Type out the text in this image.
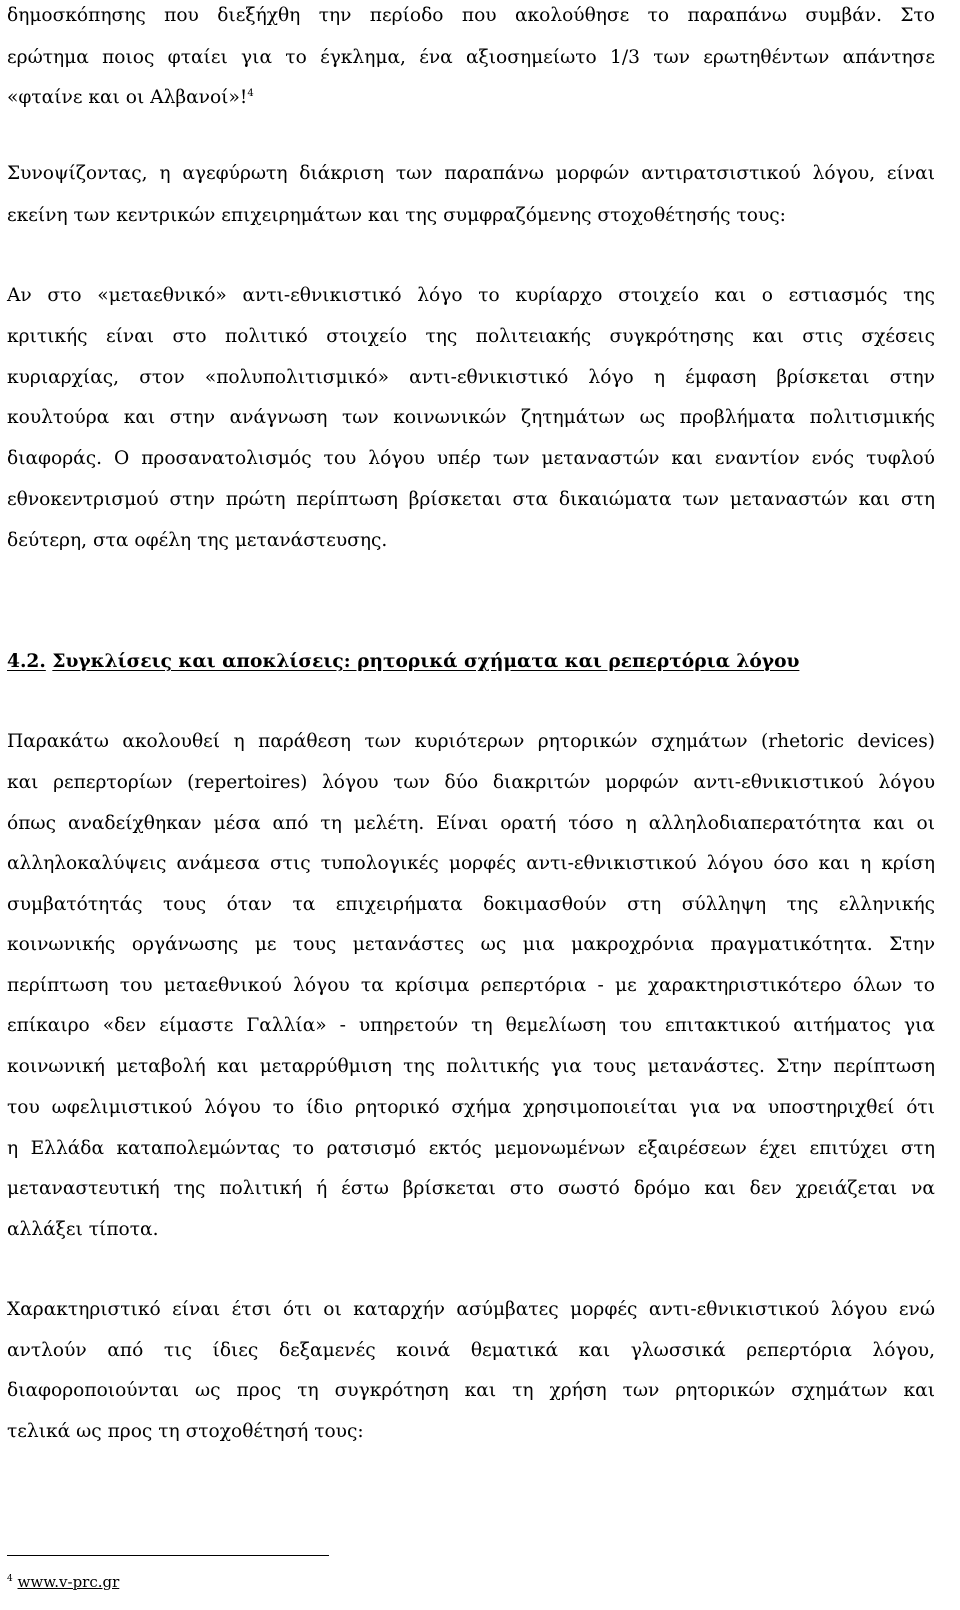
δημοσκόπησης που διεξήχθη την περίοδο που ακολούθησε το παραπάνω συμβάν. Στο
ερώτημα ποιος φταίει για το έγκλημα, ένα αξιοσημείωτο 1/3 των ερωτηθέντων απάντησε
«φταίνε και οι Αλβανοί»!$^4$
Συνοψίζοντας, η αγεφύρωτη διάκριση των παραπάνω μορφών αντιρατσιστικού λόγου, είναι
εκείνη των κεντρικών επιχειρημάτων και της συμφραζόμενης στοχοθέτησής τους:
Αν στο «μεταεθνικό» αντι-εθνικιστικό λόγο το κυρίαρχο στοιχείο και ο εστιασμός της
κριτικής είναι στο πολιτικό στοιχείο της πολιτειακής συγκρότησης και στις σχέσεις
κυριαρχίας, στον «πολυπολιτισμικό» αντι-εθνικιστικό λόγο η έμφαση βρίσκεται στην
κουλτούρα και στην ανάγνωση των κοινωνικών ζητημάτων ως προβλήματα πολιτισμικής
διαφοράς. Ο προσανατολισμός του λόγου υπέρ των μεταναστών και εναντίον ενός τυφλού
εθνοκεντρισμού στην πρώτη περίπτωση βρίσκεται στα δικαιώματα των μεταναστών και στη
δεύτερη, στα οφέλη της μετανάστευσης.
4.2. Συγκλίσεις και αποκλίσεις: ρητορικά σχήματα και ρεπερτόρια λόγου
Παρακάτω ακολουθεί η παράθεση των κυριότερων ρητορικών σχημάτων (rhetoric devices)
και ρεπερτορίων (repertoires) λόγου των δύο διακριτών μορφών αντι-εθνικιστικού λόγου
όπως αναδείχθηκαν μέσα από τη μελέτη. Είναι ορατή τόσο η αλληλοδιαπερατότητα και οι
αλληλοκαλύψεις ανάμεσα στις τυπολογικές μορφές αντι-εθνικιστικού λόγου όσο και η κρίση
συμβατότητάς τους όταν τα επιχειρήματα δοκιμασθούν στη σύλληψη της ελληνικής
κοινωνικής οργάνωσης με τους μετανάστες ως μια μακροχρόνια πραγματικότητα. Στην
περίπτωση του μεταεθνικού λόγου τα κρίσιμα ρεπερτόρια - με χαρακτηριστικότερο όλων το
επίκαιρο «δεν είμαστε Γαλλία» - υπηρετούν τη θεμελίωση του επιτακτικού αιτήματος για
κοινωνική μεταβολή και μεταρρύθμιση της πολιτικής για τους μετανάστες. Στην περίπτωση
του ωφελιμιστικού λόγου το ίδιο ρητορικό σχήμα χρησιμοποιείται για να υποστηριχθεί ότι
η Ελλάδα καταπολεμώντας το ρατσισμό εκτός μεμονωμένων εξαιρέσεων έχει επιτύχει στη
μεταναστευτική της πολιτική ή έστω βρίσκεται στο σωστό δρόμο και δεν χρειάζεται να
αλλάξει τίποτα.
Χαρακτηριστικό είναι έτσι ότι οι καταρχήν ασύμβατες μορφές αντι-εθνικιστικού λόγου ενώ
αντλούν από τις ίδιες δεξαμενές κοινά θεματικά και γλωσσικά ρεπερτόρια λόγου,
διαφοροποιούνται ως προς τη συγκρότηση και τη χρήση των ρητορικών σχημάτων και
τελικά ως προς τη στοχοθέτησή τους:
$^4$ www.v-prc.gr
